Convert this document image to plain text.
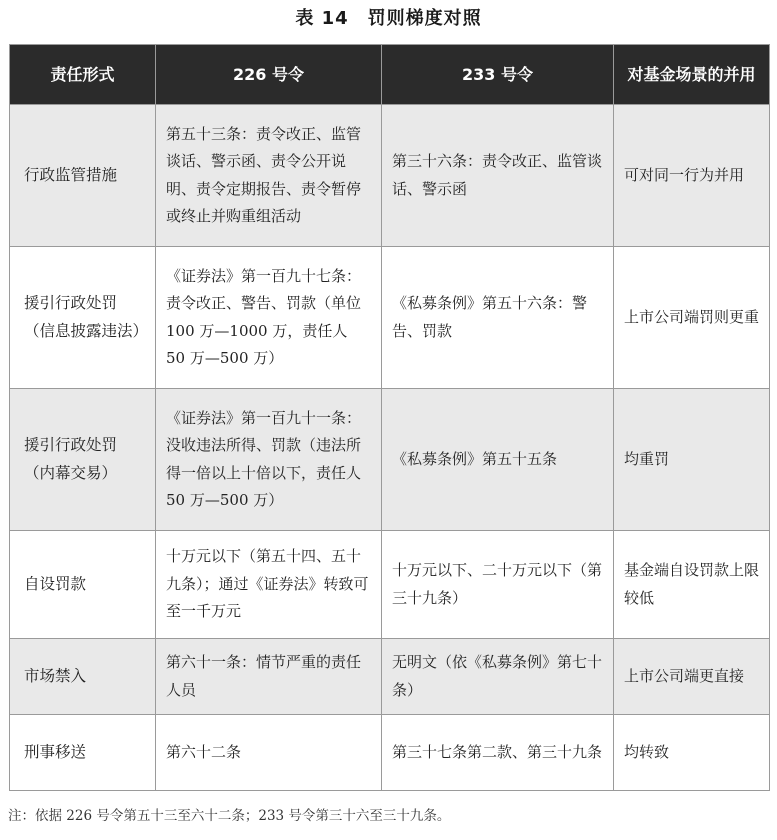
表 14　罚则梯度对照
责任形式	226 号令	233 号令	对基金场景的并用
行政监管措施	第五十三条：责令改正、监管谈话、警示函、责令公开说明、责令定期报告、责令暂停或终止并购重组活动	第三十六条：责令改正、监管谈话、警示函	可对同一行为并用
援引行政处罚（信息披露违法）	《证券法》第一百九十七条：责令改正、警告、罚款（单位 100 万—1000 万，责任人 50 万—500 万）	《私募条例》第五十六条：警告、罚款	上市公司端罚则更重
援引行政处罚（内幕交易）	《证券法》第一百九十一条：没收违法所得、罚款（违法所得一倍以上十倍以下，责任人 50 万—500 万）	《私募条例》第五十五条	均重罚
自设罚款	十万元以下（第五十四、五十九条）；通过《证券法》转致可至一千万元	十万元以下、二十万元以下（第三十九条）	基金端自设罚款上限较低
市场禁入	第六十一条：情节严重的责任人员	无明文（依《私募条例》第七十条）	上市公司端更直接
刑事移送	第六十二条	第三十七条第二款、第三十九条	均转致
注：依据 226 号令第五十三至六十二条；233 号令第三十六至三十九条。
